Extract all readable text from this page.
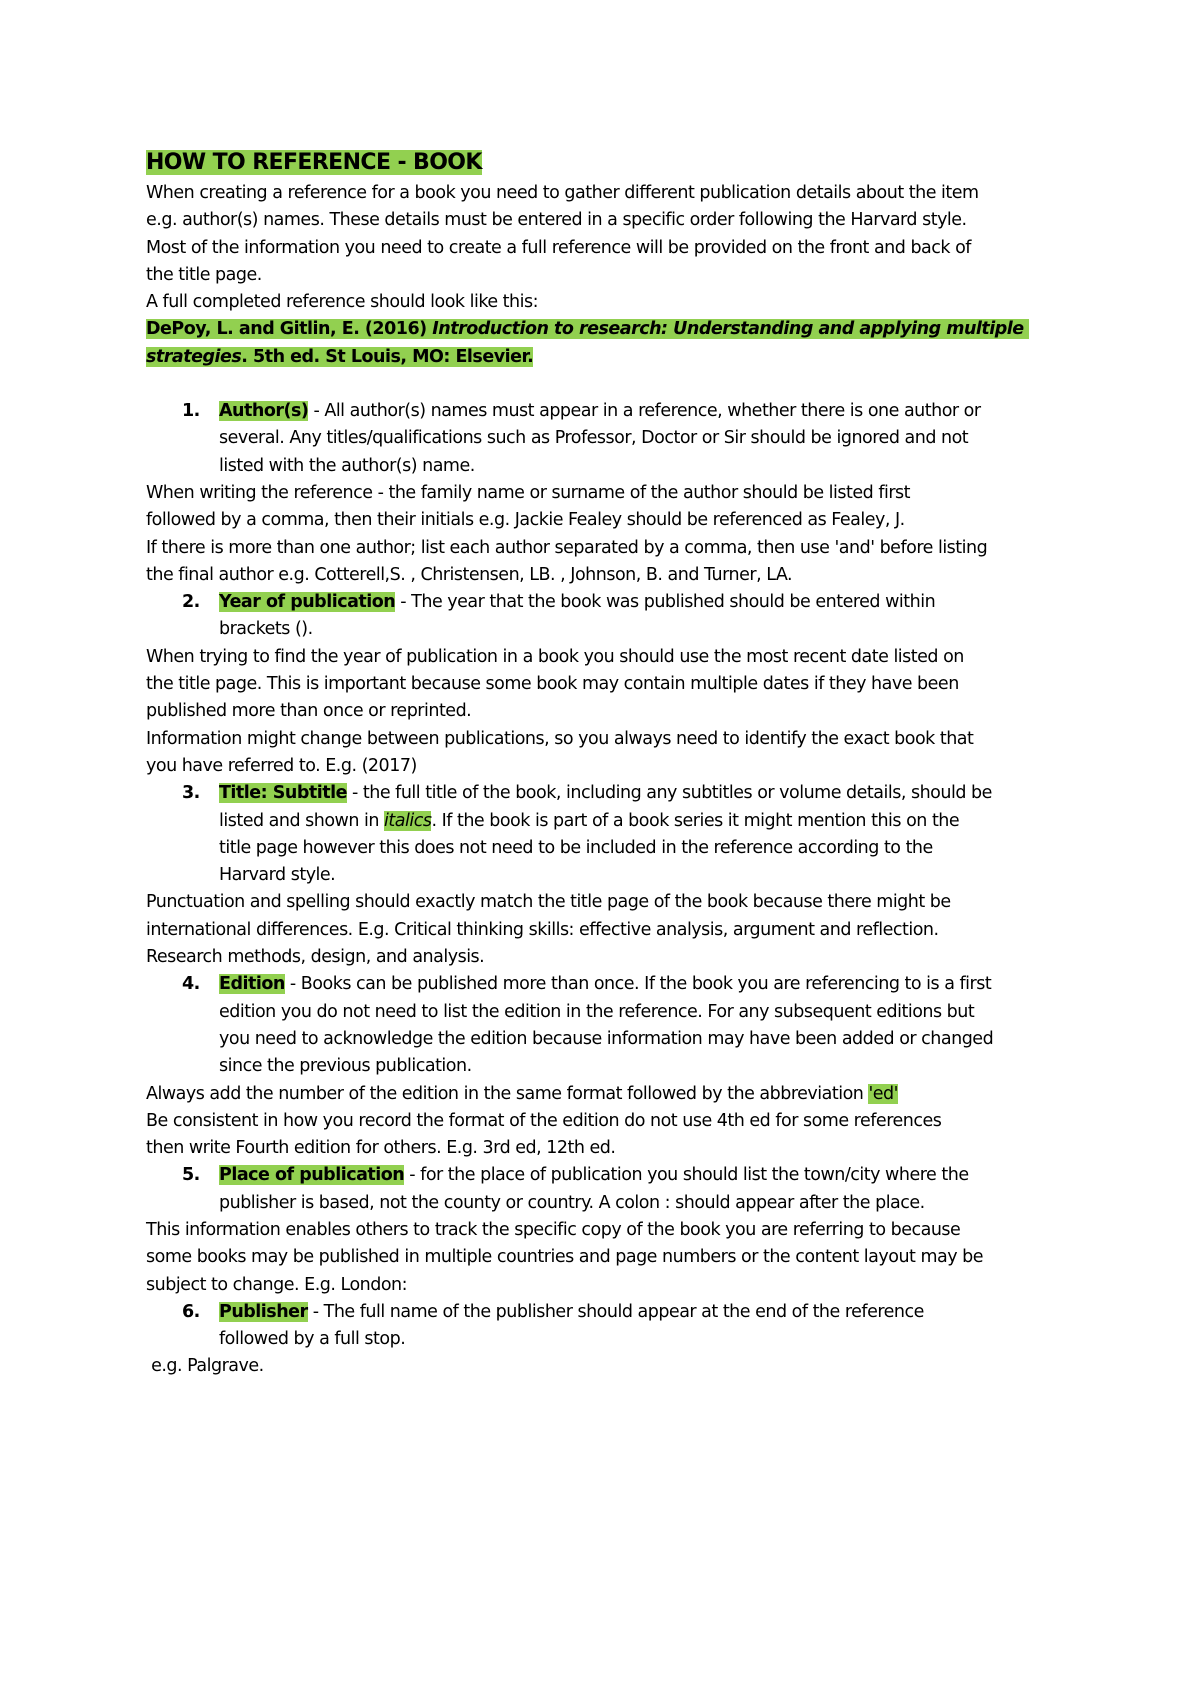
HOW TO REFERENCE - BOOK
When creating a reference for a book you need to gather different publication details about the item
e.g. author(s) names. These details must be entered in a specific order following the Harvard style.
Most of the information you need to create a full reference will be provided on the front and back of
the title page.
A full completed reference should look like this:
DePoy, L. and Gitlin, E. (2016) Introduction to research: Understanding and applying multiple
strategies. 5th ed. St Louis, MO: Elsevier.
1. Author(s) - All author(s) names must appear in a reference, whether there is one author or
several. Any titles/qualifications such as Professor, Doctor or Sir should be ignored and not
listed with the author(s) name.
When writing the reference - the family name or surname of the author should be listed first
followed by a comma, then their initials e.g. Jackie Fealey should be referenced as Fealey, J.
If there is more than one author; list each author separated by a comma, then use 'and' before listing
the final author e.g. Cotterell,S. , Christensen, LB. , Johnson, B. and Turner, LA.
2. Year of publication - The year that the book was published should be entered within
brackets ().
When trying to find the year of publication in a book you should use the most recent date listed on
the title page. This is important because some book may contain multiple dates if they have been
published more than once or reprinted.
Information might change between publications, so you always need to identify the exact book that
you have referred to. E.g. (2017)
3. Title: Subtitle - the full title of the book, including any subtitles or volume details, should be
listed and shown in italics. If the book is part of a book series it might mention this on the
title page however this does not need to be included in the reference according to the
Harvard style.
Punctuation and spelling should exactly match the title page of the book because there might be
international differences. E.g. Critical thinking skills: effective analysis, argument and reflection.
Research methods, design, and analysis.
4. Edition - Books can be published more than once. If the book you are referencing to is a first
edition you do not need to list the edition in the reference. For any subsequent editions but
you need to acknowledge the edition because information may have been added or changed
since the previous publication.
Always add the number of the edition in the same format followed by the abbreviation 'ed'
Be consistent in how you record the format of the edition do not use 4th ed for some references
then write Fourth edition for others. E.g. 3rd ed, 12th ed.
5. Place of publication - for the place of publication you should list the town/city where the
publisher is based, not the county or country. A colon : should appear after the place.
This information enables others to track the specific copy of the book you are referring to because
some books may be published in multiple countries and page numbers or the content layout may be
subject to change. E.g. London:
6. Publisher - The full name of the publisher should appear at the end of the reference
followed by a full stop.
e.g. Palgrave.
